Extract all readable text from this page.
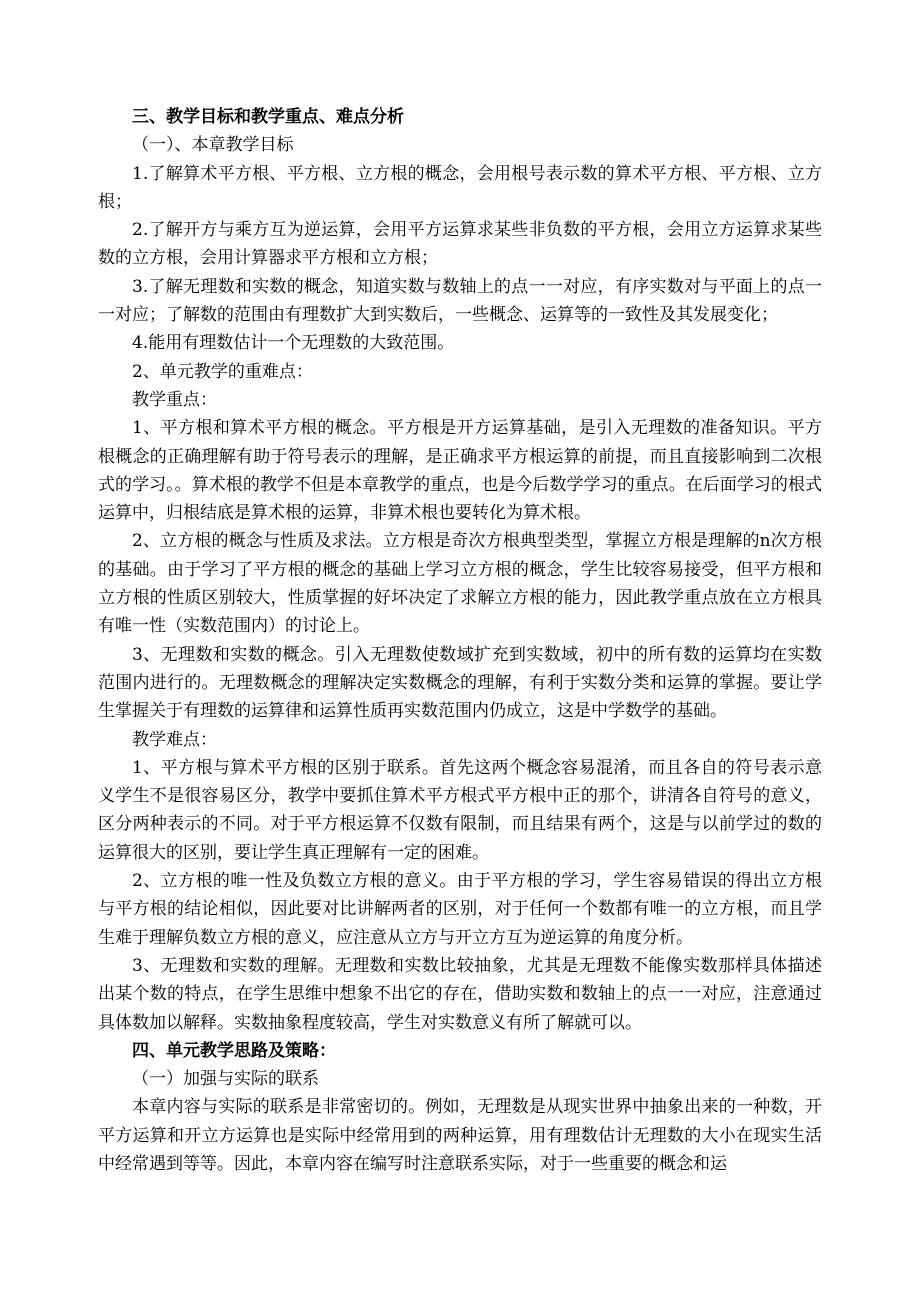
三、教学目标和教学重点、难点分析

（一）、本章教学目标

1.了解算术平方根、平方根、立方根的概念，会用根号表示数的算术平方根、平方根、立方根；

2.了解开方与乘方互为逆运算，会用平方运算求某些非负数的平方根，会用立方运算求某些数的立方根，会用计算器求平方根和立方根；

3.了解无理数和实数的概念，知道实数与数轴上的点一一对应，有序实数对与平面上的点一一对应；了解数的范围由有理数扩大到实数后，一些概念、运算等的一致性及其发展变化；

4.能用有理数估计一个无理数的大致范围。

2、单元教学的重难点：

教学重点：

1、平方根和算术平方根的概念。平方根是开方运算基础，是引入无理数的准备知识。平方根概念的正确理解有助于符号表示的理解，是正确求平方根运算的前提，而且直接影响到二次根式的学习。。算术根的教学不但是本章教学的重点，也是今后数学学习的重点。在后面学习的根式运算中，归根结底是算术根的运算，非算术根也要转化为算术根。

2、立方根的概念与性质及求法。立方根是奇次方根典型类型，掌握立方根是理解的n次方根的基础。由于学习了平方根的概念的基础上学习立方根的概念，学生比较容易接受，但平方根和立方根的性质区别较大，性质掌握的好坏决定了求解立方根的能力，因此教学重点放在立方根具有唯一性（实数范围内）的讨论上。

3、无理数和实数的概念。引入无理数使数域扩充到实数域，初中的所有数的运算均在实数范围内进行的。无理数概念的理解决定实数概念的理解，有利于实数分类和运算的掌握。要让学生掌握关于有理数的运算律和运算性质再实数范围内仍成立，这是中学数学的基础。

教学难点：

1、平方根与算术平方根的区别于联系。首先这两个概念容易混淆，而且各自的符号表示意义学生不是很容易区分，教学中要抓住算术平方根式平方根中正的那个，讲清各自符号的意义，区分两种表示的不同。对于平方根运算不仅数有限制，而且结果有两个，这是与以前学过的数的运算很大的区别，要让学生真正理解有一定的困难。

2、立方根的唯一性及负数立方根的意义。由于平方根的学习，学生容易错误的得出立方根与平方根的结论相似，因此要对比讲解两者的区别，对于任何一个数都有唯一的立方根，而且学生难于理解负数立方根的意义，应注意从立方与开立方互为逆运算的角度分析。

3、无理数和实数的理解。无理数和实数比较抽象，尤其是无理数不能像实数那样具体描述出某个数的特点，在学生思维中想象不出它的存在，借助实数和数轴上的点一一对应，注意通过具体数加以解释。实数抽象程度较高，学生对实数意义有所了解就可以。

四、单元教学思路及策略：

（一）加强与实际的联系

本章内容与实际的联系是非常密切的。例如，无理数是从现实世界中抽象出来的一种数，开平方运算和开立方运算也是实际中经常用到的两种运算，用有理数估计无理数的大小在现实生活中经常遇到等等。因此，本章内容在编写时注意联系实际，对于一些重要的概念和运
